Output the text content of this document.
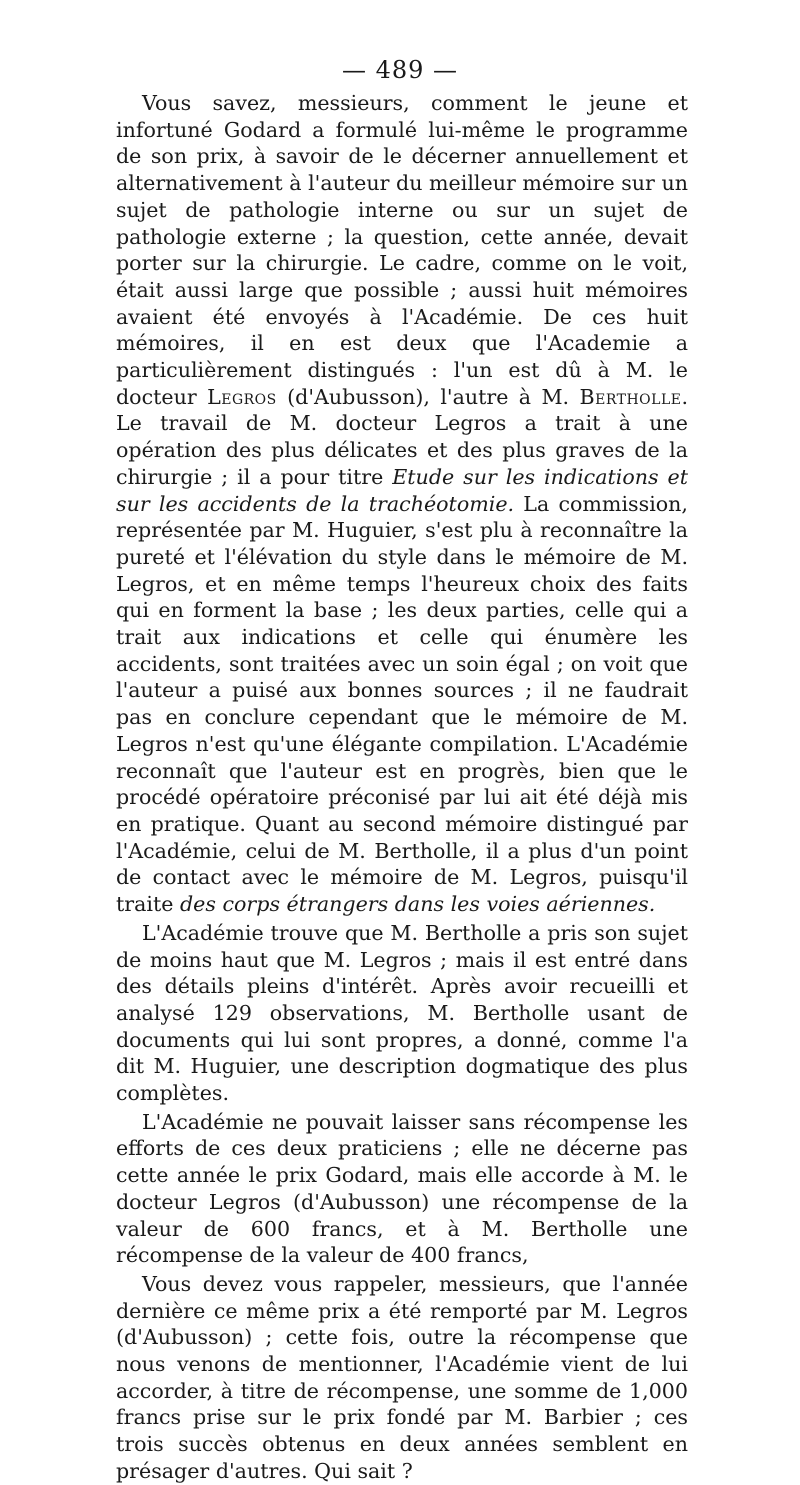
— 489 —

Vous savez, messieurs, comment le jeune et infortuné Godard a formulé lui-même le programme de son prix, à savoir de le décerner annuellement et alternativement à l'auteur du meilleur mémoire sur un sujet de pathologie interne ou sur un sujet de pathologie externe ; la question, cette année, devait porter sur la chirurgie. Le cadre, comme on le voit, était aussi large que possible ; aussi huit mémoires avaient été envoyés à l'Académie. De ces huit mémoires, il en est deux que l'Academie a particulièrement distingués : l'un est dû à M. le docteur Legros (d'Aubusson), l'autre à M. Bertholle. Le travail de M. docteur Legros a trait à une opération des plus délicates et des plus graves de la chirurgie ; il a pour titre Etude sur les indications et sur les accidents de la trachéotomie. La commission, représentée par M. Huguier, s'est plu à reconnaître la pureté et l'élévation du style dans le mémoire de M. Legros, et en même temps l'heureux choix des faits qui en forment la base ; les deux parties, celle qui a trait aux indications et celle qui énumère les accidents, sont traitées avec un soin égal ; on voit que l'auteur a puisé aux bonnes sources ; il ne faudrait pas en conclure cependant que le mémoire de M. Legros n'est qu'une élégante compilation. L'Académie reconnaît que l'auteur est en progrès, bien que le procédé opératoire préconisé par lui ait été déjà mis en pratique. Quant au second mémoire distingué par l'Académie, celui de M. Bertholle, il a plus d'un point de contact avec le mémoire de M. Legros, puisqu'il traite des corps étrangers dans les voies aériennes.

L'Académie trouve que M. Bertholle a pris son sujet de moins haut que M. Legros ; mais il est entré dans des détails pleins d'intérêt. Après avoir recueilli et analysé 129 observations, M. Bertholle usant de documents qui lui sont propres, a donné, comme l'a dit M. Huguier, une description dogmatique des plus complètes.

L'Académie ne pouvait laisser sans récompense les efforts de ces deux praticiens ; elle ne décerne pas cette année le prix Godard, mais elle accorde à M. le docteur Legros (d'Aubusson) une récompense de la valeur de 600 francs, et à M. Bertholle une récompense de la valeur de 400 francs,

Vous devez vous rappeler, messieurs, que l'année dernière ce même prix a été remporté par M. Legros (d'Aubusson) ; cette fois, outre la récompense que nous venons de mentionner, l'Académie vient de lui accorder, à titre de récompense, une somme de 1,000 francs prise sur le prix fondé par M. Barbier ; ces trois succès obtenus en deux années semblent en présager d'autres. Qui sait ?
